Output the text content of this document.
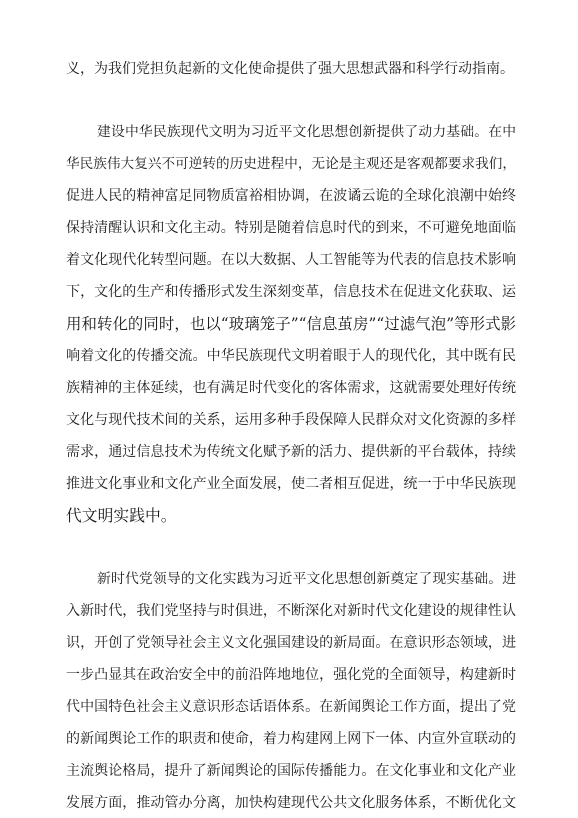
义，为我们党担负起新的文化使命提供了强大思想武器和科学行动指南。
建设中华民族现代文明为习近平文化思想创新提供了动力基础。在中
华民族伟大复兴不可逆转的历史进程中，无论是主观还是客观都要求我们，
促进人民的精神富足同物质富裕相协调，在波谲云诡的全球化浪潮中始终
保持清醒认识和文化主动。特别是随着信息时代的到来，不可避免地面临
着文化现代化转型问题。在以大数据、人工智能等为代表的信息技术影响
下，文化的生产和传播形式发生深刻变革，信息技术在促进文化获取、运
用和转化的同时，也以“玻璃笼子”“信息茧房”“过滤气泡”等形式影
响着文化的传播交流。中华民族现代文明着眼于人的现代化，其中既有民
族精神的主体延续，也有满足时代变化的客体需求，这就需要处理好传统
文化与现代技术间的关系，运用多种手段保障人民群众对文化资源的多样
需求，通过信息技术为传统文化赋予新的活力、提供新的平台载体，持续
推进文化事业和文化产业全面发展，使二者相互促进，统一于中华民族现
代文明实践中。
新时代党领导的文化实践为习近平文化思想创新奠定了现实基础。进
入新时代，我们党坚持与时俱进，不断深化对新时代文化建设的规律性认
识，开创了党领导社会主义文化强国建设的新局面。在意识形态领域，进
一步凸显其在政治安全中的前沿阵地地位，强化党的全面领导，构建新时
代中国特色社会主义意识形态话语体系。在新闻舆论工作方面，提出了党
的新闻舆论工作的职责和使命，着力构建网上网下一体、内宣外宣联动的
主流舆论格局，提升了新闻舆论的国际传播能力。在文化事业和文化产业
发展方面，推动管办分离，加快构建现代公共文化服务体系，不断优化文
